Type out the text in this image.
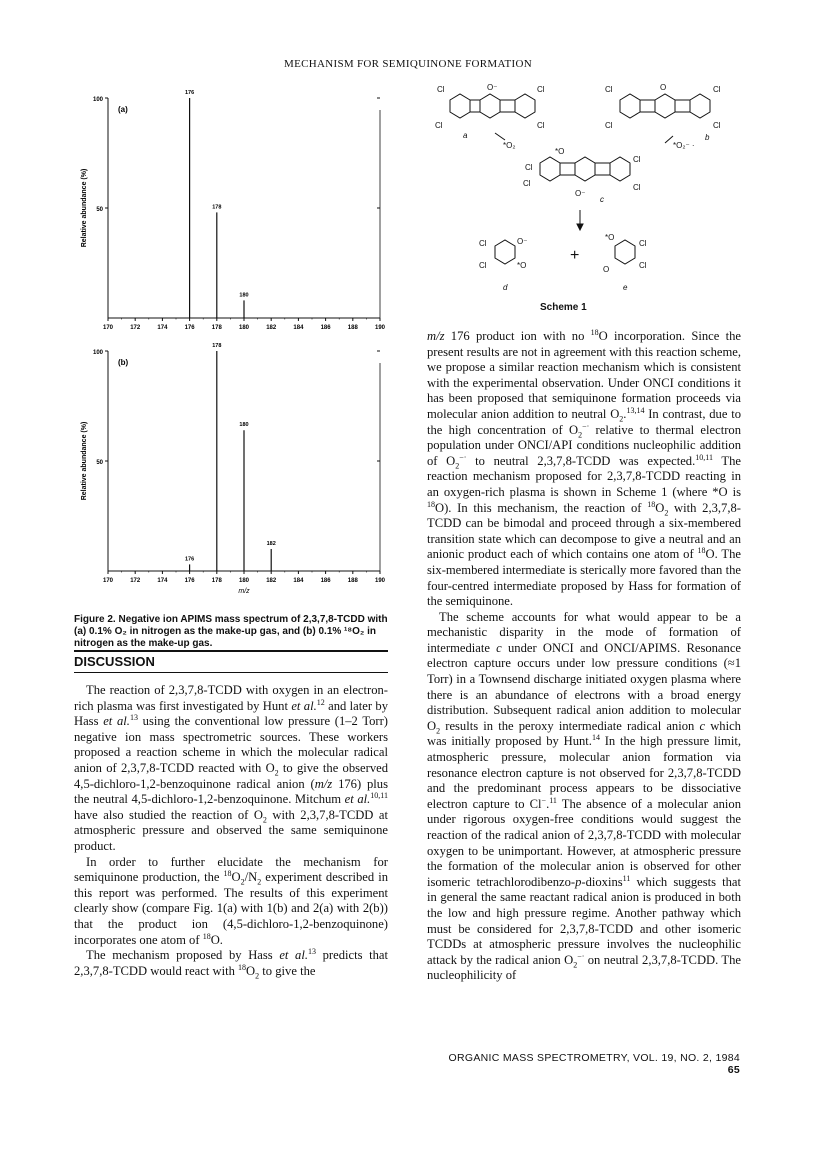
MECHANISM FOR SEMIQUINONE FORMATION
100
50
170	172	174	176	178	180	182	184	186	188	190
(a)
Relative abundance (%)
176
178
180
100
50
170	172	174	176	178	180	182	184	186	188	190
(b)
Relative abundance (%)
m/z
176
178
180
182
Figure 2. Negative ion APIMS mass spectrum of 2,3,7,8-TCDD with (a) 0.1% O₂ in nitrogen as the make-up gas, and (b) 0.1% ¹⁸O₂ in nitrogen as the make-up gas.
Cl
Cl
O⁻	Cl
Cl
a
*O₂
Cl
Cl
O	Cl
Cl
*O₂⁻ ·
b
Cl
Cl
*O
Cl
Cl
O⁻
c
Cl
Cl
O⁻
*O
d
+
*O
O
Cl
Cl
e
Scheme 1
DISCUSSION

The reaction of 2,3,7,8-TCDD with oxygen in an electron-rich plasma was first investigated by Hunt et al.$^{12}$ and later by Hass et al.$^{13}$ using the conventional low pressure (1–2 Torr) negative ion mass spectrometric sources. These workers proposed a reaction scheme in which the molecular radical anion of 2,3,7,8-TCDD reacted with $O_2$ to give the observed 4,5-dichloro-1,2-benzoquinone radical anion (m/z 176) plus the neutral 4,5-dichloro-1,2-benzoquinone. Mitchum et al.$^{10,11}$ have also studied the reaction of $O_2$ with 2,3,7,8-TCDD at atmospheric pressure and observed the same semiquinone product.

In order to further elucidate the mechanism for semiquinone production, the $^{18}O_2/N_2$ experiment described in this report was performed. The results of this experiment clearly show (compare Fig. 1(a) with 1(b) and 2(a) with 2(b)) that the product ion (4,5-dichloro-1,2-benzoquinone) incorporates one atom of $^{18}$O.

The mechanism proposed by Hass et al.$^{13}$ predicts that 2,3,7,8-TCDD would react with $^{18}O_2$ to give the

m/z 176 product ion with no $^{18}$O incorporation. Since the present results are not in agreement with this reaction scheme, we propose a similar reaction mechanism which is consistent with the experimental observation. Under ONCI conditions it has been proposed that semiquinone formation proceeds via molecular anion addition to neutral $O_2.^{13,14}$ In contrast, due to the high concentration of $O_2^{-\cdot}$ relative to thermal electron population under ONCI/API conditions nucleophilic addition of $O_2^{-\cdot}$ to neutral 2,3,7,8-TCDD was expected.$^{10,11}$ The reaction mechanism proposed for 2,3,7,8-TCDD reacting in an oxygen-rich plasma is shown in Scheme 1 (where *O is $^{18}$O). In this mechanism, the reaction of $^{18}O_2$ with 2,3,7,8-TCDD can be bimodal and proceed through a six-membered transition state which can decompose to give a neutral and an anionic product each of which contains one atom of $^{18}$O. The six-membered intermediate is sterically more favored than the four-centred intermediate proposed by Hass for formation of the semiquinone.

The scheme accounts for what would appear to be a mechanistic disparity in the mode of formation of intermediate c under ONCI and ONCI/APIMS. Resonance electron capture occurs under low pressure conditions (≈1 Torr) in a Townsend discharge initiated oxygen plasma where there is an abundance of electrons with a broad energy distribution. Subsequent radical anion addition to molecular $O_2$ results in the peroxy intermediate radical anion c which was initially proposed by Hunt.$^{14}$ In the high pressure limit, atmospheric pressure, molecular anion formation via resonance electron capture is not observed for 2,3,7,8-TCDD and the predominant process appears to be dissociative electron capture to Cl−.$^{11}$ The absence of a molecular anion under rigorous oxygen-free conditions would suggest the reaction of the radical anion of 2,3,7,8-TCDD with molecular oxygen to be unimportant. However, at atmospheric pressure the formation of the molecular anion is observed for other isomeric tetrachlorodibenzo-p-dioxins$^{11}$ which suggests that in general the same reactant radical anion is produced in both the low and high pressure regime. Another pathway which must be considered for 2,3,7,8-TCDD and other isomeric TCDDs at atmospheric pressure involves the nucleophilic attack by the radical anion $O_2^{-\cdot}$ on neutral 2,3,7,8-TCDD. The nucleophilicity of

ORGANIC MASS SPECTROMETRY, VOL. 19, NO. 2, 1984 65
